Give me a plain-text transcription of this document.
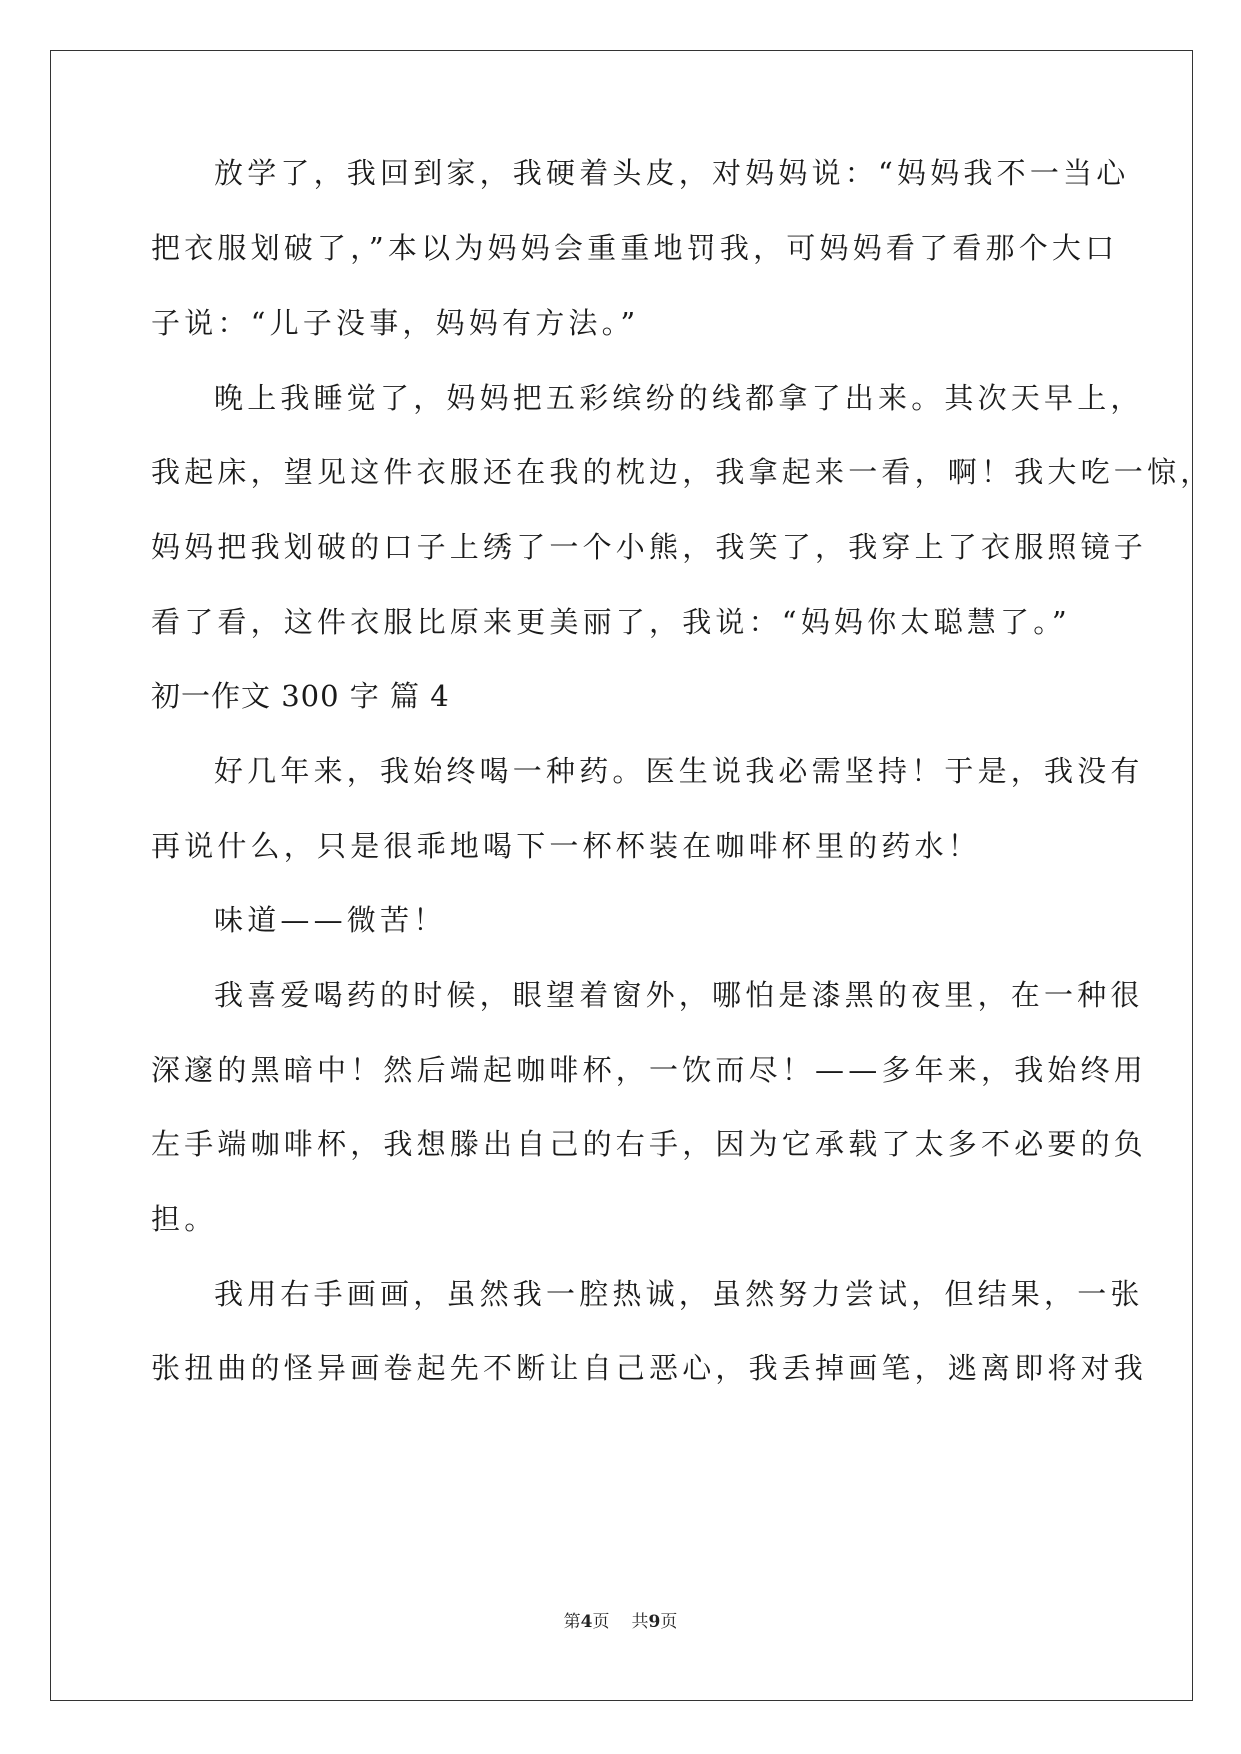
放学了，我回到家，我硬着头皮，对妈妈说：“妈妈我不一当心
把衣服划破了，”本以为妈妈会重重地罚我，可妈妈看了看那个大口
子说：“儿子没事，妈妈有方法。”
晚上我睡觉了，妈妈把五彩缤纷的线都拿了出来。其次天早上，
我起床，望见这件衣服还在我的枕边，我拿起来一看，啊！我大吃一惊，
妈妈把我划破的口子上绣了一个小熊，我笑了，我穿上了衣服照镜子
看了看，这件衣服比原来更美丽了，我说：“妈妈你太聪慧了。”
初一作文 300 字 篇 4
好几年来，我始终喝一种药。医生说我必需坚持！于是，我没有
再说什么，只是很乖地喝下一杯杯装在咖啡杯里的药水！
味道——微苦！
我喜爱喝药的时候，眼望着窗外，哪怕是漆黑的夜里，在一种很
深邃的黑暗中！然后端起咖啡杯，一饮而尽！——多年来，我始终用
左手端咖啡杯，我想滕出自己的右手，因为它承载了太多不必要的负
担。
我用右手画画，虽然我一腔热诚，虽然努力尝试，但结果，一张
张扭曲的怪异画卷起先不断让自己恶心，我丢掉画笔，逃离即将对我
第4页 共9页
